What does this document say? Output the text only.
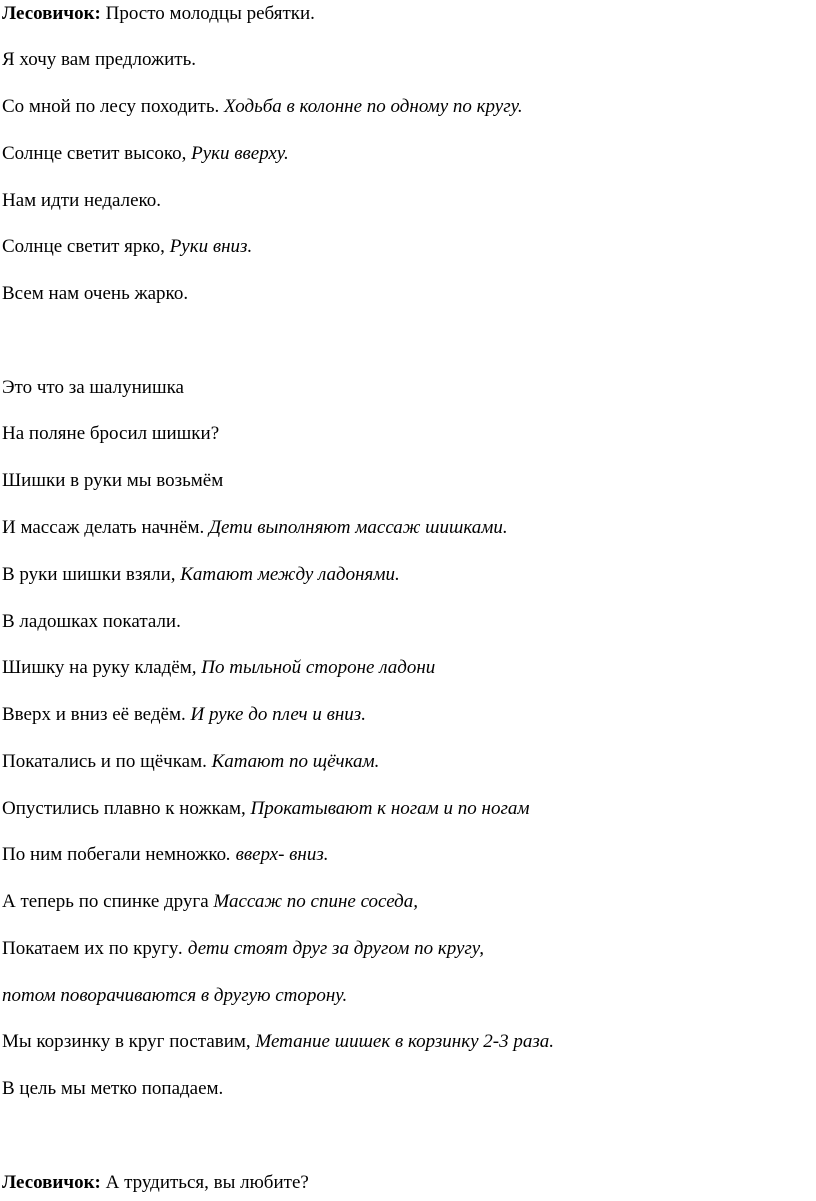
Лесовичок: Просто молодцы ребятки.
Я хочу вам предложить.
Со мной по лесу походить. Ходьба в колонне по одному по кругу.
Солнце светит высоко, Руки вверху.
Нам идти недалеко.
Солнце светит ярко, Руки вниз.
Всем нам очень жарко.
Это что за шалунишка
На поляне бросил шишки?
Шишки в руки мы возьмём
И массаж делать начнём. Дети выполняют массаж шишками.
В руки шишки взяли, Катают между ладонями.
В ладошках покатали.
Шишку на руку кладём, По тыльной стороне ладони
Вверх и вниз её ведём. И руке до плеч и вниз.
Покатались и по щёчкам. Катают по щёчкам.
Опустились плавно к ножкам, Прокатывают к ногам и по ногам
По ним побегали немножко. вверх- вниз.
А теперь по спинке друга Массаж по спине соседа,
Покатаем их по кругу. дети стоят друг за другом по кругу,
потом поворачиваются в другую сторону.
Мы корзинку в круг поставим, Метание шишек в корзинку 2-3 раза.
В цель мы метко попадаем.
Лесовичок: А трудиться, вы любите?
